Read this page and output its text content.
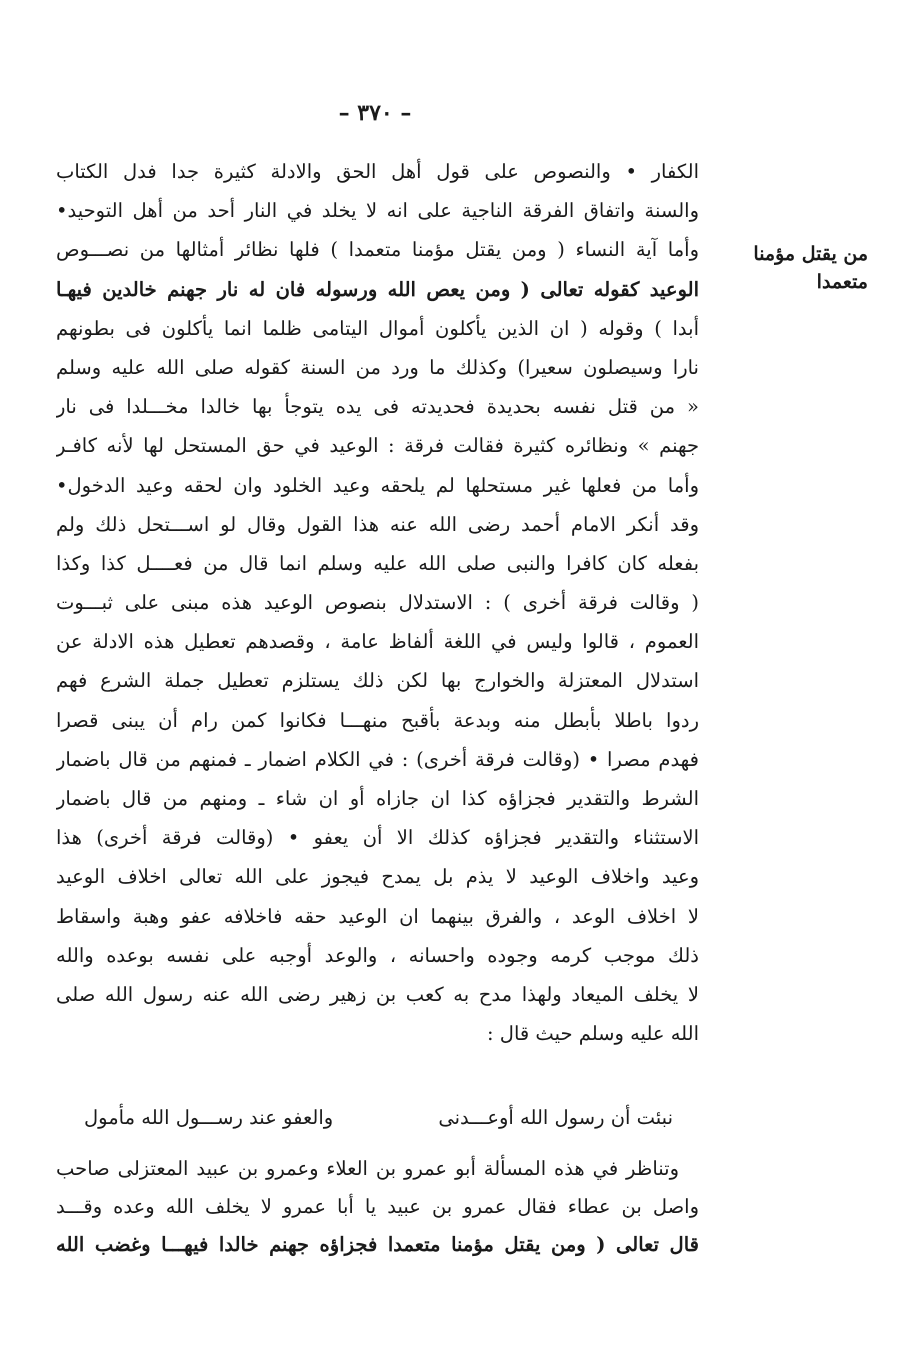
– ٣٧٠ –
من يقتل مؤمنا
متعمدا
الكفار • والنصوص على قول أهل الحق والادلة كثيرة جدا فدل الكتاب
والسنة واتفاق الفرقة الناجية على انه لا يخلد في النار أحد من أهل التوحيد•
وأما آية النساء ( ومن يقتل مؤمنا متعمدا ) فلها نظائر أمثالها من نصـــوص
الوعيد كقوله تعالى ( ومن يعص الله ورسوله فان له نار جهنم خالدين فيهـا
أبدا ) وقوله ( ان الذين يأكلون أموال اليتامى ظلما انما يأكلون فى بطونهم
نارا وسيصلون سعيرا) وكذلك ما ورد من السنة كقوله صلى الله عليه وسلم
« من قتل نفسه بحديدة فحديدته فى يده يتوجأ بها خالدا مخـــلدا فى نار
جهنم » ونظائره كثيرة فقالت فرقة : الوعيد في حق المستحل لها لأنه كافـر
وأما من فعلها غير مستحلها لم يلحقه وعيد الخلود وان لحقه وعيد الدخول•
وقد أنكر الامام أحمد رضى الله عنه هذا القول وقال لو اســـتحل ذلك ولم
بفعله كان كافرا والنبى صلى الله عليه وسلم انما قال من فعــــل كذا وكذا
( وقالت فرقة أخرى ) : الاستدلال بنصوص الوعيد هذه مبنى على ثبـــوت
العموم ، قالوا وليس في اللغة ألفاظ عامة ، وقصدهم تعطيل هذه الادلة عن
استدلال المعتزلة والخوارج بها لكن ذلك يستلزم تعطيل جملة الشرع فهم
ردوا باطلا بأبطل منه وبدعة بأقبح منهـــا فكانوا كمن رام أن يبنى قصرا
فهدم مصرا • (وقالت فرقة أخرى) : في الكلام اضمار ـ فمنهم من قال باضمار
الشرط والتقدير فجزاؤه كذا ان جازاه أو ان شاء ـ ومنهم من قال باضمار
الاستثناء والتقدير فجزاؤه كذلك الا أن يعفو • (وقالت فرقة أخرى) هذا
وعيد واخلاف الوعيد لا يذم بل يمدح فيجوز على الله تعالى اخلاف الوعيد
لا اخلاف الوعد ، والفرق بينهما ان الوعيد حقه فاخلافه عفو وهبة واسقاط
ذلك موجب كرمه وجوده واحسانه ، والوعد أوجبه على نفسه بوعده والله
لا يخلف الميعاد ولهذا مدح به كعب بن زهير رضى الله عنه رسول الله صلى
الله عليه وسلم حيث قال :
نبئت أن رسول الله أوعـــدنى
والعفو عند رســـول الله مأمول
وتناظر في هذه المسألة أبو عمرو بن العلاء وعمرو بن عبيد المعتزلى صاحب
واصل بن عطاء فقال عمرو بن عبيد يا أبا عمرو لا يخلف الله وعده وقـــد
قال تعالى ( ومن يقتل مؤمنا متعمدا فجزاؤه جهنم خالدا فيهـــا وغضب الله
